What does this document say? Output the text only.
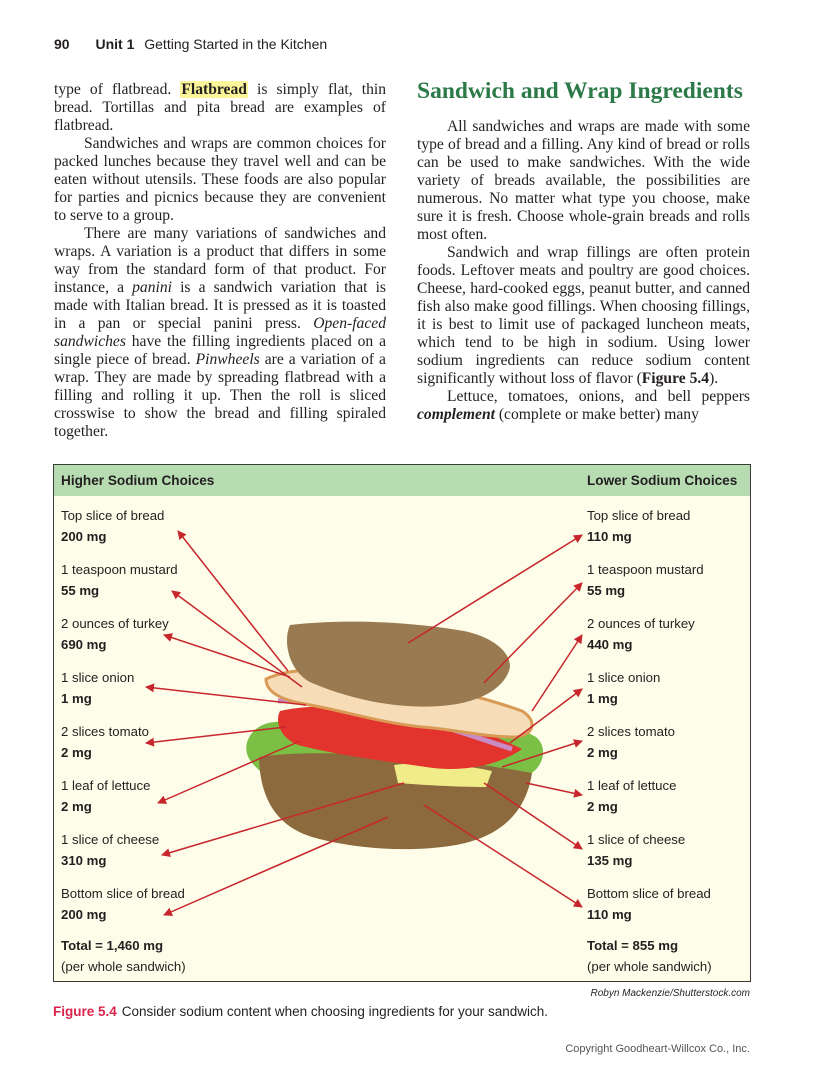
90 Unit 1 Getting Started in the Kitchen

type of flatbread. Flatbread is simply flat, thin bread. Tortillas and pita bread are examples of flatbread.

Sandwiches and wraps are common choices for packed lunches because they travel well and can be eaten without utensils. These foods are also popular for parties and picnics because they are convenient to serve to a group.

There are many variations of sandwiches and wraps. A variation is a product that differs in some way from the standard form of that product. For instance, a panini is a sandwich variation that is made with Italian bread. It is pressed as it is toasted in a pan or special panini press. Open-faced sandwiches have the filling ingredients placed on a single piece of bread. Pinwheels are a variation of a wrap. They are made by spreading flatbread with a filling and rolling it up. Then the roll is sliced crosswise to show the bread and filling spiraled together.

Sandwich and Wrap Ingredients

All sandwiches and wraps are made with some type of bread and a filling. Any kind of bread or rolls can be used to make sandwiches. With the wide variety of breads available, the possibilities are numerous. No matter what type you choose, make sure it is fresh. Choose whole-grain breads and rolls most often.

Sandwich and wrap fillings are often protein foods. Leftover meats and poultry are good choices. Cheese, hard-cooked eggs, peanut butter, and canned fish also make good fillings. When choosing fillings, it is best to limit use of packaged luncheon meats, which tend to be high in sodium. Using lower sodium ingredients can reduce sodium content significantly without loss of flavor (Figure 5.4).

Lettuce, tomatoes, onions, and bell peppers complement (complete or make better) many

Higher Sodium Choices	Lower Sodium Choices
Top slice of bread
200 mg
1 teaspoon mustard
55 mg
2 ounces of turkey
690 mg
1 slice onion
1 mg
2 slices tomato
2 mg
1 leaf of lettuce
2 mg
1 slice of cheese
310 mg
Bottom slice of bread
200 mg
Total = 1,460 mg
(per whole sandwich)
Top slice of bread
110 mg
1 teaspoon mustard
55 mg
2 ounces of turkey
440 mg
1 slice onion
1 mg
2 slices tomato
2 mg
1 leaf of lettuce
2 mg
1 slice of cheese
135 mg
Bottom slice of bread
110 mg
Total = 855 mg
(per whole sandwich)
Robyn Mackenzie/Shutterstock.com
Figure 5.4 Consider sodium content when choosing ingredients for your sandwich.
Copyright Goodheart-Willcox Co., Inc.
